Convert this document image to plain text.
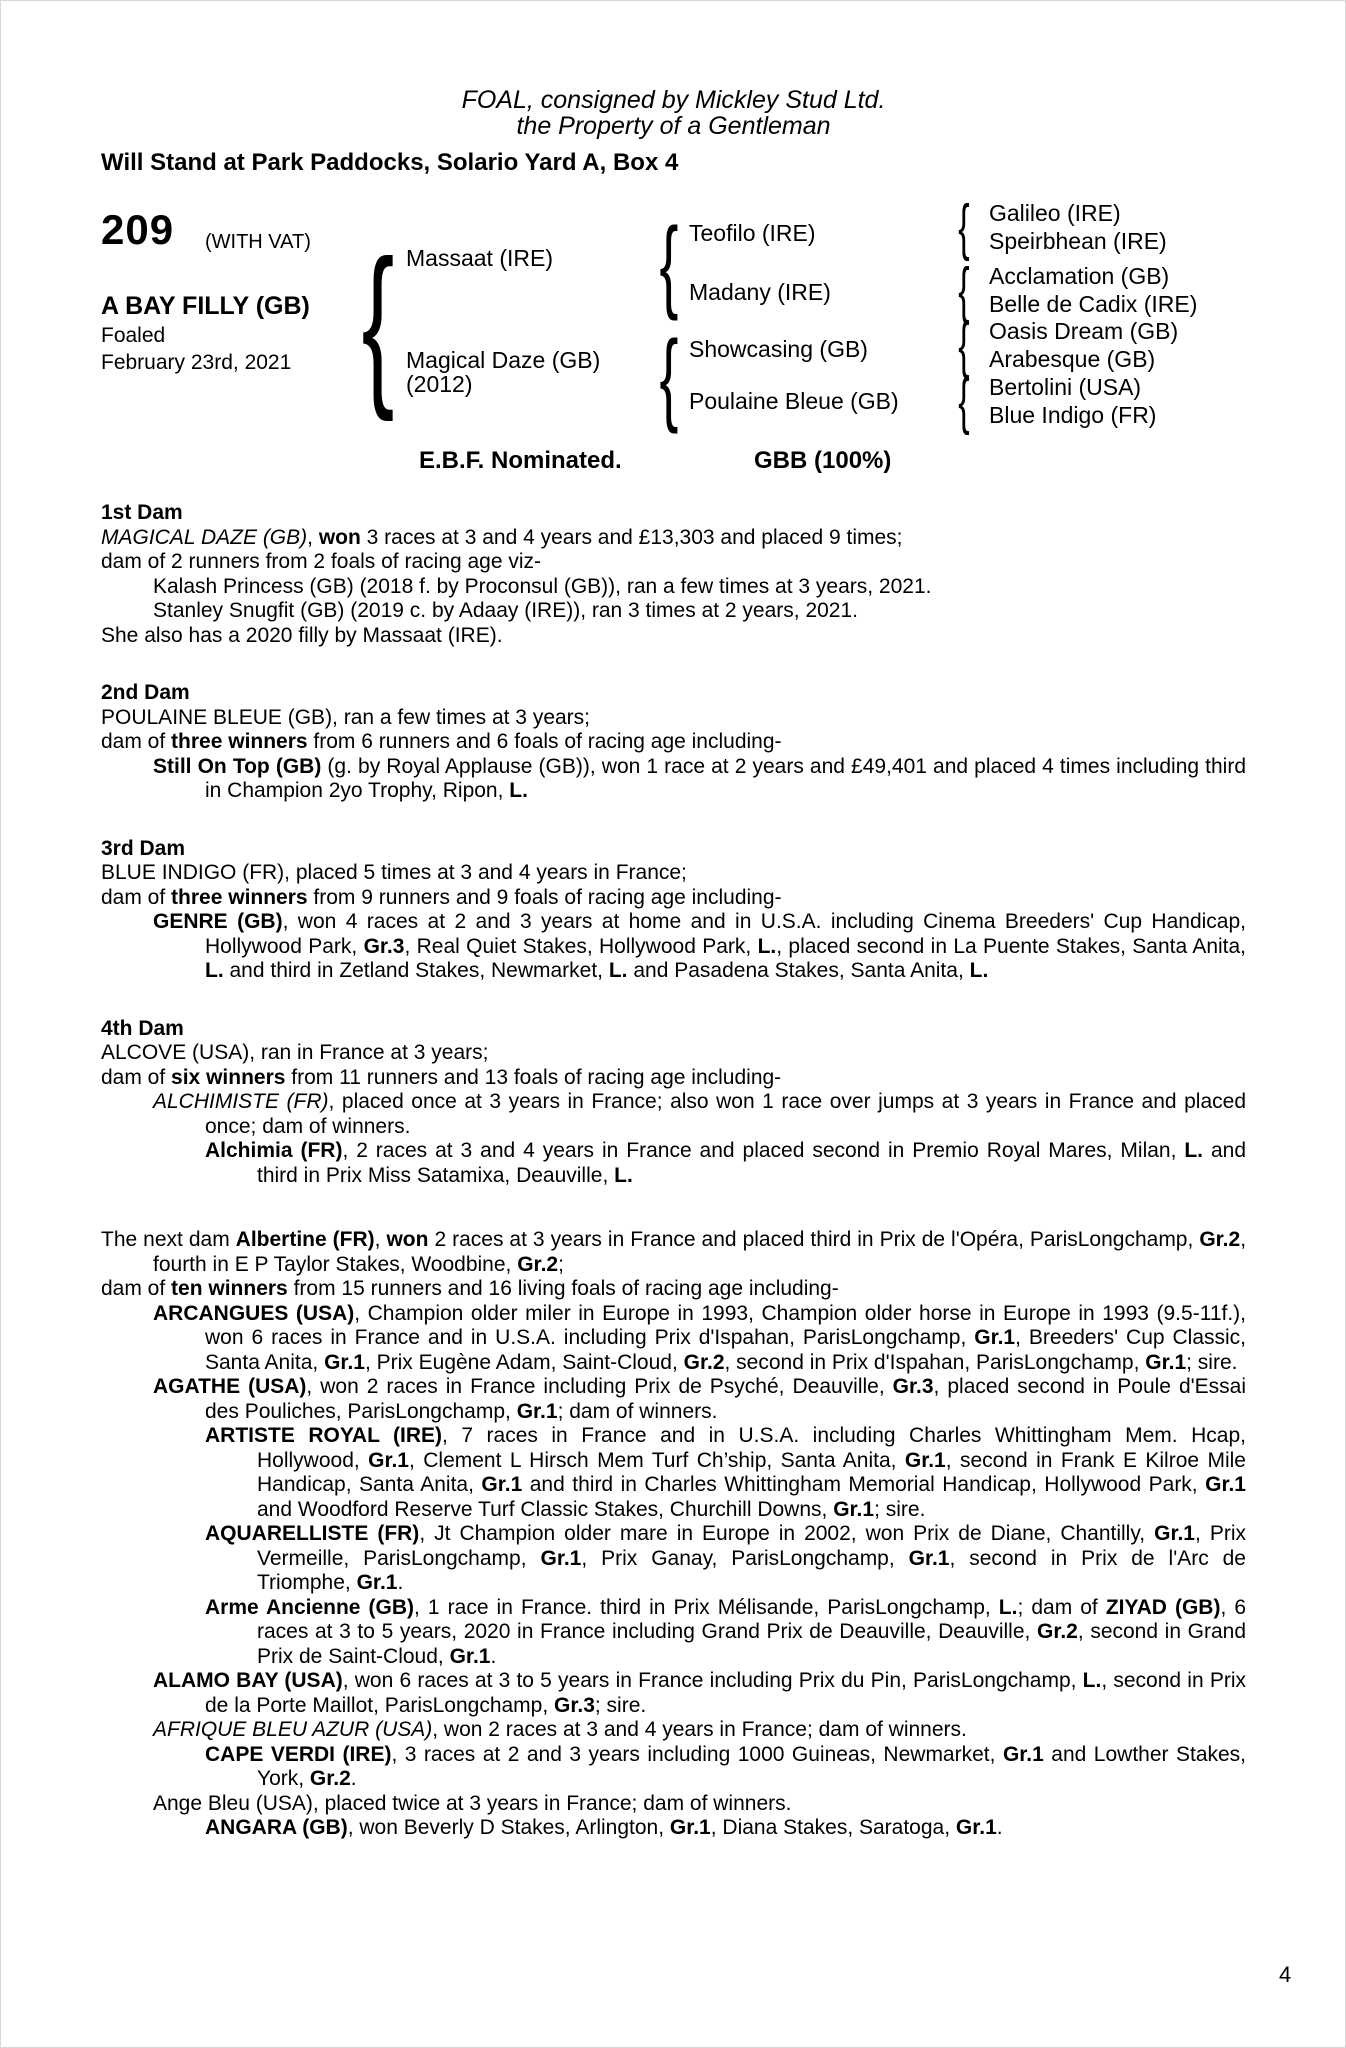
FOAL, consigned by Mickley Stud Ltd.
the Property of a Gentleman
Will Stand at Park Paddocks, Solario Yard A, Box 4
209 (WITH VAT)
A BAY FILLY (GB)
Foaled
February 23rd, 2021 {	{
{
{
{
{
{
Massaat (IRE)
Magical Daze (GB)
(2012)
Teofilo (IRE)
Madany (IRE)
Showcasing (GB)
Poulaine Bleue (GB)
Galileo (IRE)
Speirbhean (IRE)
Acclamation (GB)
Belle de Cadix (IRE)
Oasis Dream (GB)
Arabesque (GB)
Bertolini (USA)
Blue Indigo (FR)
E.B.F. Nominated.	GBB (100%)

1st Dam

MAGICAL DAZE (GB), won 3 races at 3 and 4 years and £13,303 and placed 9 times;

dam of 2 runners from 2 foals of racing age viz-

Kalash Princess (GB) (2018 f. by Proconsul (GB)), ran a few times at 3 years, 2021.

Stanley Snugfit (GB) (2019 c. by Adaay (IRE)), ran 3 times at 2 years, 2021.

She also has a 2020 filly by Massaat (IRE).

2nd Dam

POULAINE BLEUE (GB), ran a few times at 3 years;

dam of three winners from 6 runners and 6 foals of racing age including-

Still On Top (GB) (g. by Royal Applause (GB)), won 1 race at 2 years and £49,401 and placed 4 times including third in Champion 2yo Trophy, Ripon, L.

3rd Dam

BLUE INDIGO (FR), placed 5 times at 3 and 4 years in France;

dam of three winners from 9 runners and 9 foals of racing age including-

GENRE (GB), won 4 races at 2 and 3 years at home and in U.S.A. including Cinema Breeders' Cup Handicap, Hollywood Park, Gr.3, Real Quiet Stakes, Hollywood Park, L., placed second in La Puente Stakes, Santa Anita, L. and third in Zetland Stakes, Newmarket, L. and Pasadena Stakes, Santa Anita, L.

4th Dam

ALCOVE (USA), ran in France at 3 years;

dam of six winners from 11 runners and 13 foals of racing age including-

ALCHIMISTE (FR), placed once at 3 years in France; also won 1 race over jumps at 3 years in France and placed once; dam of winners.

Alchimia (FR), 2 races at 3 and 4 years in France and placed second in Premio Royal Mares, Milan, L. and third in Prix Miss Satamixa, Deauville, L.

The next dam Albertine (FR), won 2 races at 3 years in France and placed third in Prix de l'Opéra, ParisLongchamp, Gr.2, fourth in E P Taylor Stakes, Woodbine, Gr.2;

dam of ten winners from 15 runners and 16 living foals of racing age including-

ARCANGUES (USA), Champion older miler in Europe in 1993, Champion older horse in Europe in 1993 (9.5-11f.), won 6 races in France and in U.S.A. including Prix d'Ispahan, ParisLongchamp, Gr.1, Breeders' Cup Classic, Santa Anita, Gr.1, Prix Eugène Adam, Saint-Cloud, Gr.2, second in Prix d'Ispahan, ParisLongchamp, Gr.1; sire.

AGATHE (USA), won 2 races in France including Prix de Psyché, Deauville, Gr.3, placed second in Poule d'Essai des Pouliches, ParisLongchamp, Gr.1; dam of winners.

ARTISTE ROYAL (IRE), 7 races in France and in U.S.A. including Charles Whittingham Mem. Hcap, Hollywood, Gr.1, Clement L Hirsch Mem Turf Ch’ship, Santa Anita, Gr.1, second in Frank E Kilroe Mile Handicap, Santa Anita, Gr.1 and third in Charles Whittingham Memorial Handicap, Hollywood Park, Gr.1 and Woodford Reserve Turf Classic Stakes, Churchill Downs, Gr.1; sire.

AQUARELLISTE (FR), Jt Champion older mare in Europe in 2002, won Prix de Diane, Chantilly, Gr.1, Prix Vermeille, ParisLongchamp, Gr.1, Prix Ganay, ParisLongchamp, Gr.1, second in Prix de l'Arc de Triomphe, Gr.1.

Arme Ancienne (GB), 1 race in France. third in Prix Mélisande, ParisLongchamp, L.; dam of ZIYAD (GB), 6 races at 3 to 5 years, 2020 in France including Grand Prix de Deauville, Deauville, Gr.2, second in Grand Prix de Saint-Cloud, Gr.1.

ALAMO BAY (USA), won 6 races at 3 to 5 years in France including Prix du Pin, ParisLongchamp, L., second in Prix de la Porte Maillot, ParisLongchamp, Gr.3; sire.

AFRIQUE BLEU AZUR (USA), won 2 races at 3 and 4 years in France; dam of winners.

CAPE VERDI (IRE), 3 races at 2 and 3 years including 1000 Guineas, Newmarket, Gr.1 and Lowther Stakes, York, Gr.2.

Ange Bleu (USA), placed twice at 3 years in France; dam of winners.

ANGARA (GB), won Beverly D Stakes, Arlington, Gr.1, Diana Stakes, Saratoga, Gr.1.

4
